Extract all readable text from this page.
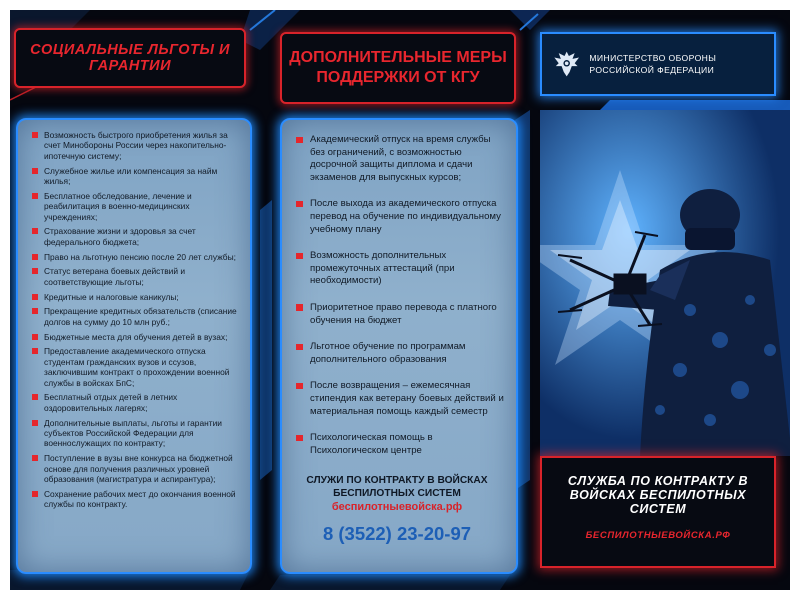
СОЦИАЛЬНЫЕ ЛЬГОТЫ И ГАРАНТИИ
Возможность быстрого приобретения жилья за счет Минобороны России через накопительно-ипотечную систему;
Служебное жилье или компенсация за найм жилья;
Бесплатное обследование, лечение и реабилитация в военно-медицинских учреждениях;
Страхование жизни и здоровья за счет федерального бюджета;
Право на льготную пенсию после 20 лет службы;
Статус ветерана боевых действий и соответствующие льготы;
Кредитные и налоговые каникулы;
Прекращение кредитных обязательств (списание долгов на сумму до 10 млн руб.;
Бюджетные места для обучения детей в вузах;
Предоставление академического отпуска студентам гражданских вузов и ссузов, заключившим контракт о прохождении военной службы в войсках БпС;
Бесплатный отдых детей в летних оздоровительных лагерях;
Дополнительные выплаты, льготы и гарантии субъектов Российской Федерации для военнослужащих по контракту;
Поступление в вузы вне конкурса на бюджетной основе для получения различных уровней образования (магистратура и аспирантура);
Сохранение рабочих мест до окончания военной службы по контракту.
ДОПОЛНИТЕЛЬНЫЕ МЕРЫ ПОДДЕРЖКИ ОТ КГУ
Академический отпуск на время службы без ограничений, с возможностью досрочной защиты диплома и сдачи экзаменов для выпускных курсов;
После выхода из академического отпуска перевод на обучение по индивидуальному учебному плану
Возможность дополнительных промежуточных аттестаций (при необходимости)
Приоритетное право перевода с платного обучения на бюджет
Льготное обучение по программам дополнительного образования
После возвращения – ежемесячная стипендия как ветерану боевых действий и материальная помощь каждый семестр
Психологическая помощь в Психологическом центре
СЛУЖИ ПО КОНТРАКТУ В ВОЙСКАХ БЕСПИЛОТНЫХ СИСТЕМ
беспилотныевойска.рф
8 (3522) 23-20-97
МИНИСТЕРСТВО ОБОРОНЫ РОССИЙСКОЙ ФЕДЕРАЦИИ
СЛУЖБА ПО КОНТРАКТУ В ВОЙСКАХ БЕСПИЛОТНЫХ СИСТЕМ
БЕСПИЛОТНЫЕВОЙСКА.РФ
